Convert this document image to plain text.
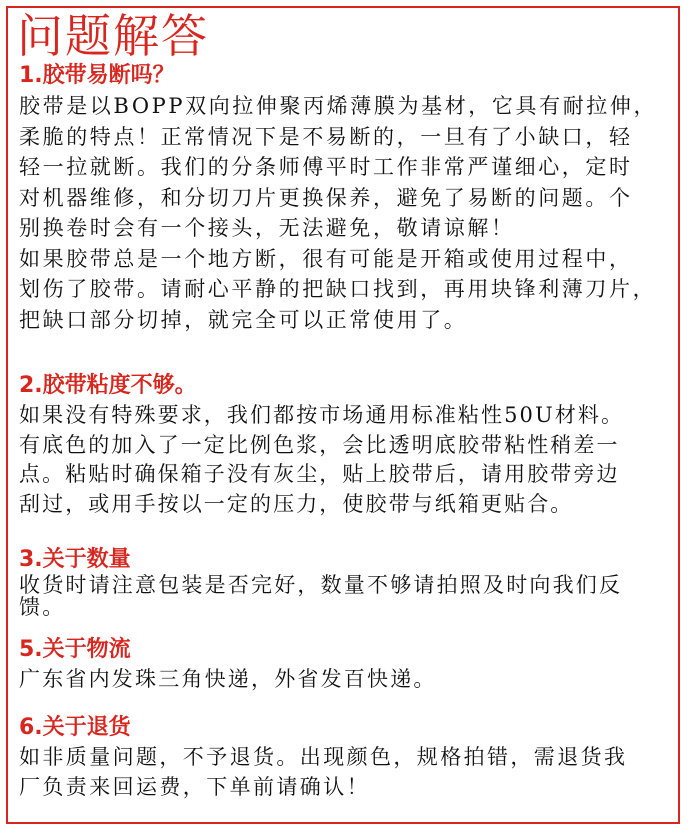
问题解答
1.胶带易断吗？
胶带是以BOPP双向拉伸聚丙烯薄膜为基材，它具有耐拉伸，
柔脆的特点！正常情况下是不易断的，一旦有了小缺口，轻
轻一拉就断。我们的分条师傅平时工作非常严谨细心，定时
对机器维修，和分切刀片更换保养，避免了易断的问题。个
别换卷时会有一个接头，无法避免，敬请谅解！
如果胶带总是一个地方断，很有可能是开箱或使用过程中，
划伤了胶带。请耐心平静的把缺口找到，再用块锋利薄刀片，
把缺口部分切掉，就完全可以正常使用了。
2.胶带粘度不够。
如果没有特殊要求，我们都按市场通用标准粘性50U材料。
有底色的加入了一定比例色浆，会比透明底胶带粘性稍差一
点。粘贴时确保箱子没有灰尘，贴上胶带后，请用胶带旁边
刮过，或用手按以一定的压力，使胶带与纸箱更贴合。
3.关于数量
收货时请注意包装是否完好，数量不够请拍照及时向我们反
馈。
5.关于物流
广东省内发珠三角快递，外省发百快递。
6.关于退货
如非质量问题，不予退货。出现颜色，规格拍错，需退货我
厂负责来回运费，下单前请确认！
